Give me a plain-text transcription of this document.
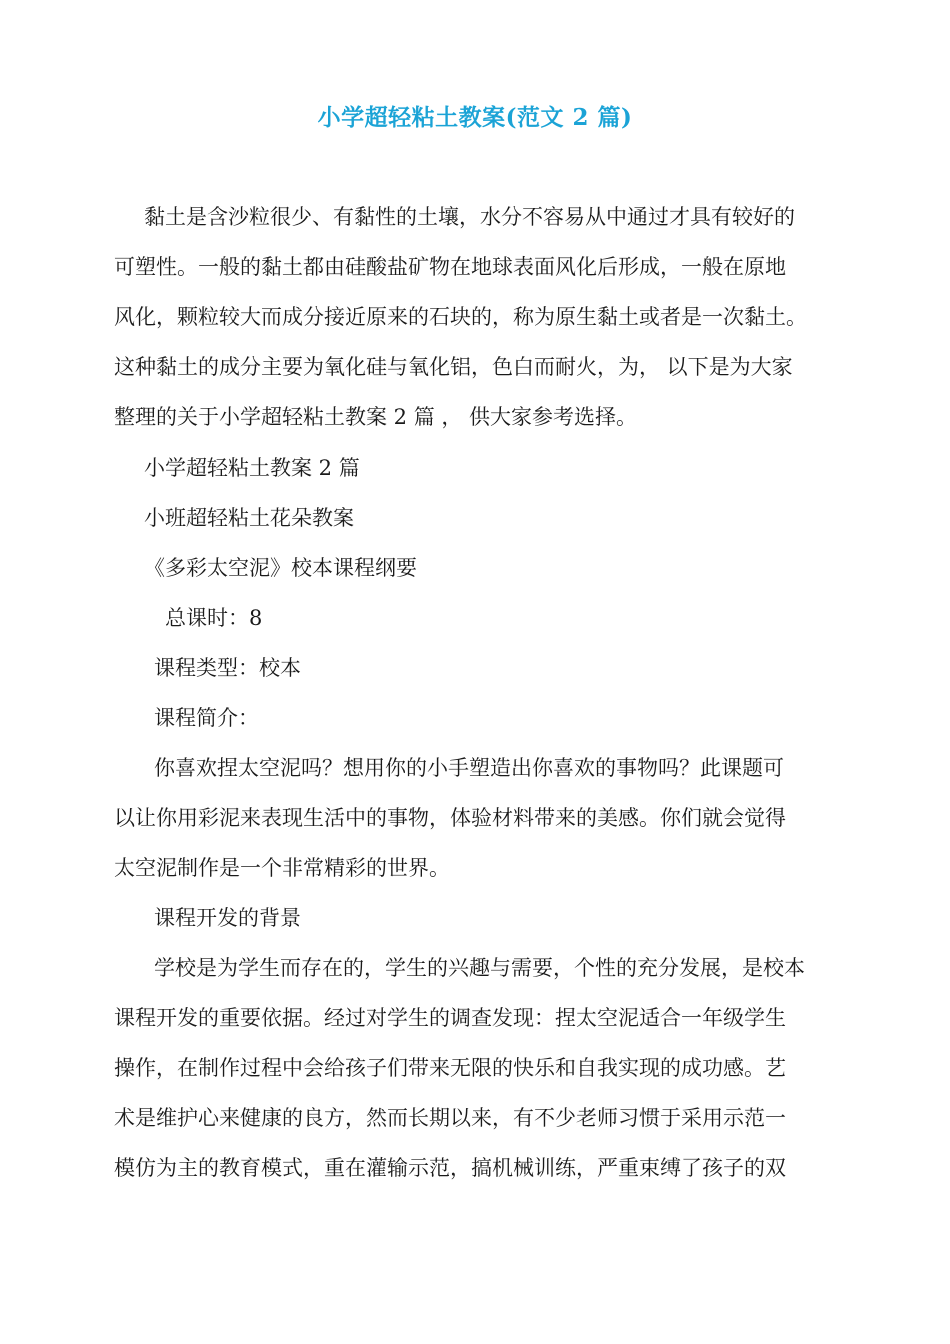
小学超轻粘土教案(范文 2 篇)
黏土是含沙粒很少、有黏性的土壤，水分不容易从中通过才具有较好的
可塑性。一般的黏土都由硅酸盐矿物在地球表面风化后形成，一般在原地
风化，颗粒较大而成分接近原来的石块的，称为原生黏土或者是一次黏土。
这种黏土的成分主要为氧化硅与氧化铝，色白而耐火，为， 以下是为大家
整理的关于小学超轻粘土教案 2 篇 ， 供大家参考选择。
小学超轻粘土教案 2 篇
小班超轻粘土花朵教案
《多彩太空泥》校本课程纲要
总课时：8
课程类型：校本
课程简介：
你喜欢捏太空泥吗？想用你的小手塑造出你喜欢的事物吗？此课题可
以让你用彩泥来表现生活中的事物，体验材料带来的美感。你们就会觉得
太空泥制作是一个非常精彩的世界。
课程开发的背景
学校是为学生而存在的，学生的兴趣与需要，个性的充分发展，是校本
课程开发的重要依据。经过对学生的调查发现：捏太空泥适合一年级学生
操作，在制作过程中会给孩子们带来无限的快乐和自我实现的成功感。艺
术是维护心来健康的良方，然而长期以来，有不少老师习惯于采用示范一
模仿为主的教育模式，重在灌输示范，搞机械训练，严重束缚了孩子的双
